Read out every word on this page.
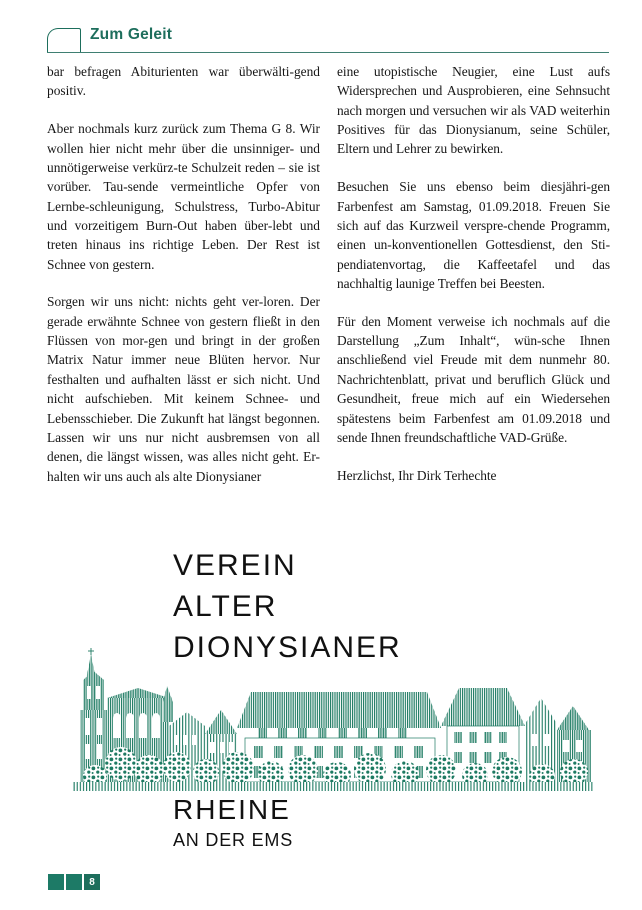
Zum Geleit

bar befragen Abiturienten war überwälti-gend positiv.

Aber nochmals kurz zurück zum Thema G 8. Wir wollen hier nicht mehr über die unsinniger- und unnötigerweise verkürz-te Schulzeit reden – sie ist vorüber. Tau-sende vermeintliche Opfer von Lernbe-schleunigung, Schulstress, Turbo-Abitur und vorzeitigem Burn-Out haben über-lebt und treten hinaus ins richtige Leben. Der Rest ist Schnee von gestern.

Sorgen wir uns nicht: nichts geht ver-loren. Der gerade erwähnte Schnee von gestern fließt in den Flüssen von mor-gen und bringt in der großen Matrix Natur immer neue Blüten hervor. Nur festhalten und aufhalten lässt er sich nicht. Und nicht aufschieben. Mit keinem Schnee- und Lebensschieber. Die Zukunft hat längst begonnen. Lassen wir uns nur nicht ausbremsen von all denen, die längst wissen, was alles nicht geht. Er-halten wir uns auch als alte Dionysianer

eine utopistische Neugier, eine Lust aufs Widersprechen und Ausprobieren, eine Sehnsucht nach morgen und versuchen wir als VAD weiterhin Positives für das Dionysianum, seine Schüler, Eltern und Lehrer zu bewirken.

Besuchen Sie uns ebenso beim diesjähri-gen Farbenfest am Samstag, 01.09.2018. Freuen Sie sich auf das Kurzweil verspre-chende Programm, einen un-konventionellen Gottesdienst, den Sti-pendiatenvortag, die Kaffeetafel und das nachhaltig launige Treffen bei Beesten.

Für den Moment verweise ich nochmals auf die Darstellung „Zum Inhalt“, wün-sche Ihnen anschließend viel Freude mit dem nunmehr 80. Nachrichtenblatt, privat und beruflich Glück und Gesundheit, freue mich auf ein Wiedersehen spätestens beim Farbenfest am 01.09.2018 und sende Ihnen freundschaftliche VAD-Grüße.

Herzlichst, Ihr Dirk Terhechte

VEREIN
ALTER
DIONYSIANER
RHEINE
AN DER EMS
8
